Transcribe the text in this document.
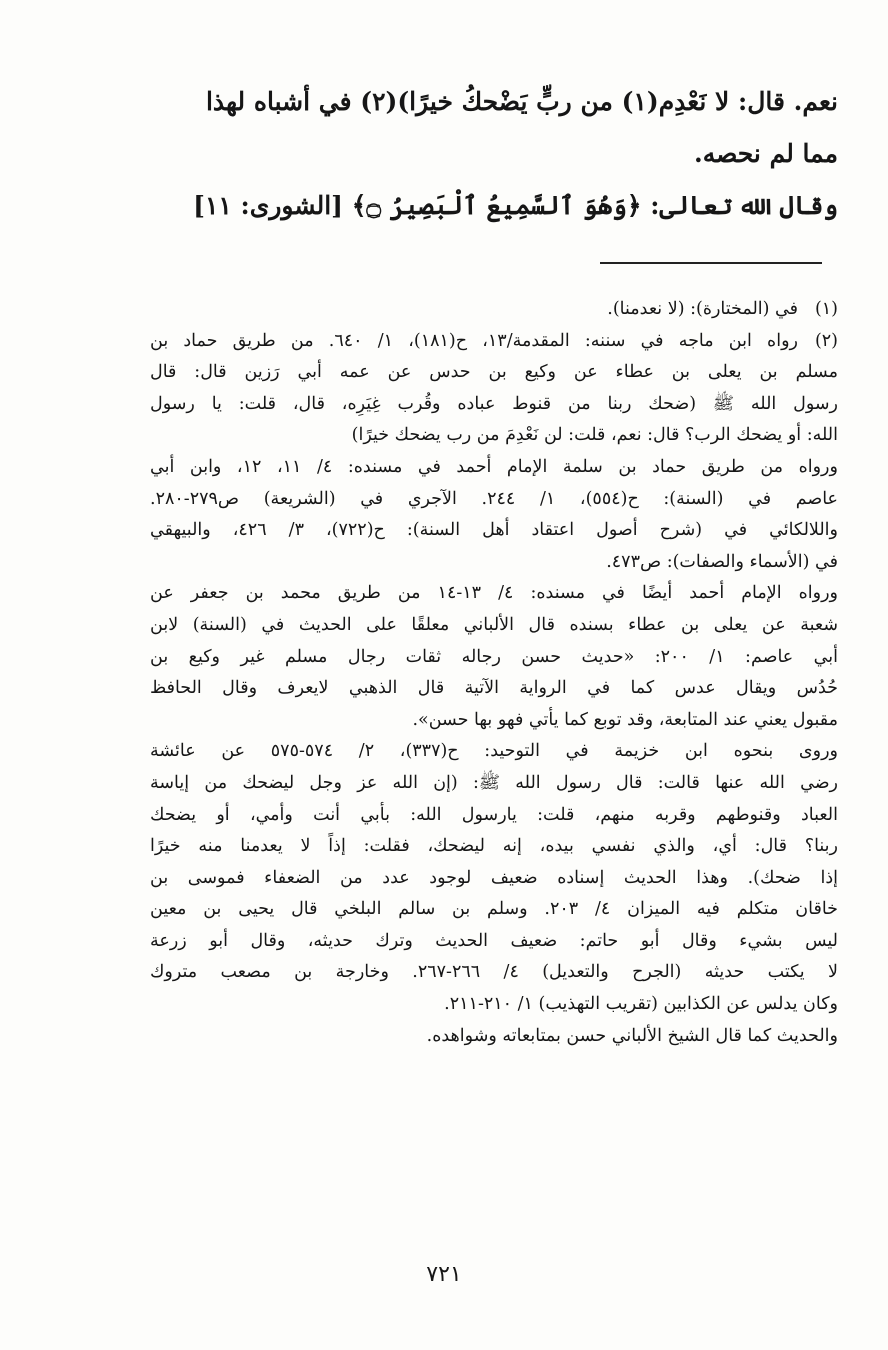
نعم. قال: لا نَعْدِم(١) من ربٍّ يَضْحكُ خيرًا)(٢) في أشباه لهذا
مما لم نحصه.
وقال الله تعالى: ﴿وَهُوَ ٱلسَّمِيعُ ٱلْبَصِيرُ ۝﴾ [الشورى: ١١]
(١)
في (المختارة): (لا نعدمنا).
(٢)
رواه ابن ماجه في سننه: المقدمة/١٣، ح(١٨١)، ١/ ٦٤٠. من طريق حماد بن
مسلم بن يعلى بن عطاء عن وكيع بن حدس عن عمه أبي رَزين قال: قال
رسول الله ﷺ (ضحك ربنا من قنوط عباده وقُرب غِيَرِه، قال، قلت: يا رسول
الله: أو يضحك الرب؟ قال: نعم، قلت: لن نَعْدِمَ من رب يضحك خيرًا)
ورواه من طريق حماد بن سلمة الإمام أحمد في مسنده: ٤/ ١١، ١٢، وابن أبي
عاصم في (السنة): ح(٥٥٤)، ١/ ٢٤٤. الآجري في (الشريعة) ص٢٧٩-٢٨٠.
واللالكائي في (شرح أصول اعتقاد أهل السنة): ح(٧٢٢)، ٣/ ٤٢٦، والبيهقي
في (الأسماء والصفات): ص٤٧٣.
ورواه الإمام أحمد أيضًا في مسنده: ٤/ ١٣-١٤ من طريق محمد بن جعفر عن
شعبة عن يعلى بن عطاء بسنده قال الألباني معلقًا على الحديث في (السنة) لابن
أبي عاصم: ١/ ٢٠٠: «حديث حسن رجاله ثقات رجال مسلم غير وكيع بن
حُدُس ويقال عدس كما في الرواية الآتية قال الذهبي لايعرف وقال الحافظ
مقبول يعني عند المتابعة، وقد توبع كما يأتي فهو بها حسن».
وروى بنحوه ابن خزيمة في التوحيد: ح(٣٣٧)، ٢/ ٥٧٤-٥٧٥ عن عائشة
رضي الله عنها قالت: قال رسول الله ﷺ: (إن الله عز وجل ليضحك من إياسة
العباد وقنوطهم وقربه منهم، قلت: يارسول الله: بأبي أنت وأمي، أو يضحك
ربنا؟ قال: أي، والذي نفسي بيده، إنه ليضحك، فقلت: إذاً لا يعدمنا منه خيرًا
إذا ضحك). وهذا الحديث إسناده ضعيف لوجود عدد من الضعفاء فموسى بن
خاقان متكلم فيه الميزان ٤/ ٢٠٣. وسلم بن سالم البلخي قال يحيى بن معين
ليس بشيء وقال أبو حاتم: ضعيف الحديث وترك حديثه، وقال أبو زرعة
لا يكتب حديثه (الجرح والتعديل) ٤/ ٢٦٦-٢٦٧. وخارجة بن مصعب متروك
وكان يدلس عن الكذابين (تقريب التهذيب) ١/ ٢١٠-٢١١.
والحديث كما قال الشيخ الألباني حسن بمتابعاته وشواهده.
٧٢١
